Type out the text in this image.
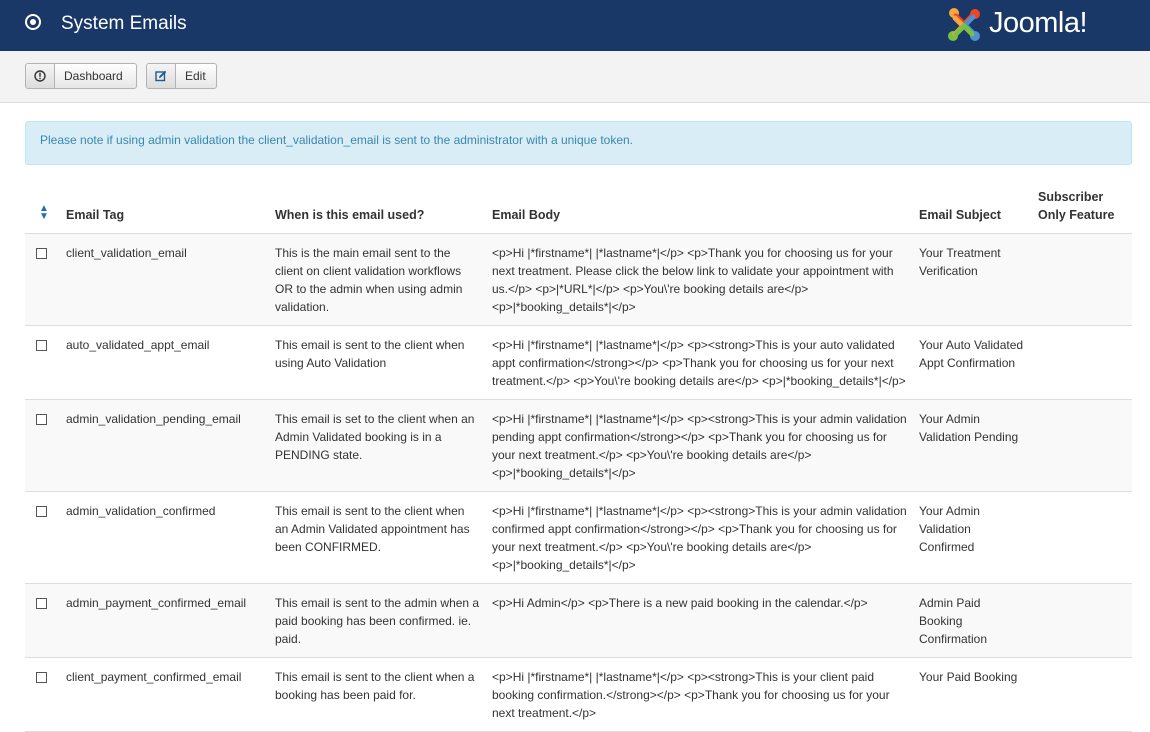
System Emails	Joomla!
Dashboard	Edit
Please note if using admin validation the client_validation_email is sent to the administrator with a unique token.
▲
▼	Email Tag	When is this email used?	Email Body	Email Subject	Subscriber Only Feature
	client_validation_email	This is the main email sent to the client on client validation workflows OR to the admin when using admin validation.	<p>Hi |*firstname*| |*lastname*|</p> <p>Thank you for choosing us for your next treatment. Please click the below link to validate your appointment with us.</p> <p>|*URL*|</p> <p>You\'re booking details are</p> <p>|*booking_details*|</p>	Your Treatment Verification	
	auto_validated_appt_email	This email is sent to the client when using Auto Validation	<p>Hi |*firstname*| |*lastname*|</p> <p><strong>This is your auto validated appt confirmation</strong></p> <p>Thank you for choosing us for your next treatment.</p> <p>You\'re booking details are</p> <p>|*booking_details*|</p>	Your Auto Validated Appt Confirmation	
	admin_validation_pending_email	This email is set to the client when an Admin Validated booking is in a PENDING state.	<p>Hi |*firstname*| |*lastname*|</p> <p><strong>This is your admin validation pending appt confirmation</strong></p> <p>Thank you for choosing us for your next treatment.</p> <p>You\'re booking details are</p><p>|*booking_details*|</p>	Your Admin Validation Pending	
	admin_validation_confirmed	This email is sent to the client when an Admin Validated appointment has been CONFIRMED.	<p>Hi |*firstname*| |*lastname*|</p> <p><strong>This is your admin validation confirmed appt confirmation</strong></p> <p>Thank you for choosing us for your next treatment.</p> <p>You\'re booking details are</p><p>|*booking_details*|</p>	Your Admin Validation Confirmed	
	admin_payment_confirmed_email	This email is sent to the admin when a paid booking has been confirmed. ie. paid.	<p>Hi Admin</p> <p>There is a new paid booking in the calendar.</p>	Admin Paid Booking Confirmation	
	client_payment_confirmed_email	This email is sent to the client when a booking has been paid for.	<p>Hi |*firstname*| |*lastname*|</p> <p><strong>This is your client paid booking confirmation.</strong></p> <p>Thank you for choosing us for your next treatment.</p>	Your Paid Booking	
